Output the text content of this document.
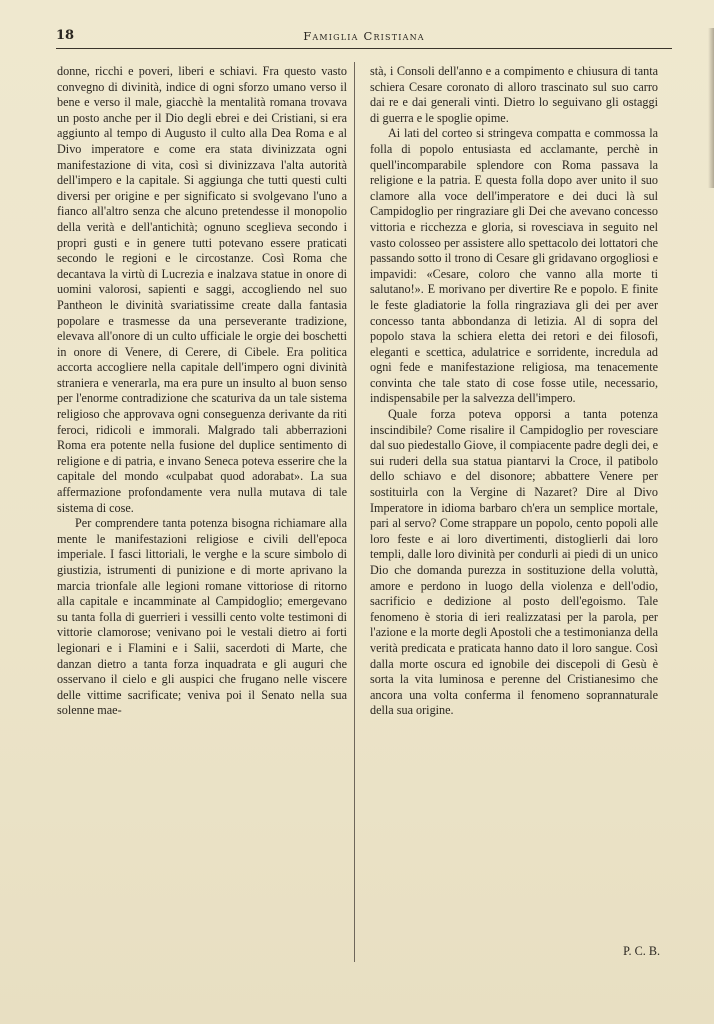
18	Famiglia Cristiana

donne, ricchi e poveri, liberi e schiavi. Fra questo vasto convegno di divinità, indice di ogni sforzo umano verso il bene e verso il male, giacchè la mentalità romana trovava un posto anche per il Dio degli ebrei e dei Cristiani, si era aggiunto al tempo di Augusto il culto alla Dea Roma e al Divo imperatore e come era stata divinizzata ogni manifestazione di vita, così si divinizzava l'alta autorità dell'impero e la capitale. Si aggiunga che tutti questi culti diversi per origine e per significato si svolgevano l'uno a fianco all'altro senza che alcuno pretendesse il monopolio della verità e dell'antichità; ognuno sceglieva secondo i propri gusti e in genere tutti potevano essere praticati secondo le regioni e le circostanze. Così Roma che decantava la virtù di Lucrezia e inalzava statue in onore di uomini valorosi, sapienti e saggi, accogliendo nel suo Pantheon le divinità svariatissime create dalla fantasia popolare e trasmesse da una perseverante tradizione, elevava all'onore di un culto ufficiale le orgie dei boschetti in onore di Venere, di Cerere, di Cibele. Era politica accorta accogliere nella capitale dell'impero ogni divinità straniera e venerarla, ma era pure un insulto al buon senso per l'enorme contradizione che scaturiva da un tale sistema religioso che approvava ogni conseguenza derivante da riti feroci, ridicoli e immorali. Malgrado tali abberrazioni Roma era potente nella fusione del duplice sentimento di religione e di patria, e invano Seneca poteva esserire che la capitale del mondo «culpabat quod adorabat». La sua affermazione profondamente vera nulla mutava di tale sistema di cose.

Per comprendere tanta potenza bisogna richiamare alla mente le manifestazioni religiose e civili dell'epoca imperiale. I fasci littoriali, le verghe e la scure simbolo di giustizia, istrumenti di punizione e di morte aprivano la marcia trionfale alle legioni romane vittoriose di ritorno alla capitale e incamminate al Campidoglio; emergevano su tanta folla di guerrieri i vessilli cento volte testimoni di vittorie clamorose; venivano poi le vestali dietro ai forti legionari e i Flamini e i Salii, sacerdoti di Marte, che danzan dietro a tanta forza inquadrata e gli auguri che osservano il cielo e gli auspici che frugano nelle viscere delle vittime sacrificate; veniva poi il Senato nella sua solenne mae-

stà, i Consoli dell'anno e a compimento e chiusura di tanta schiera Cesare coronato di alloro trascinato sul suo carro dai re e dai generali vinti. Dietro lo seguivano gli ostaggi di guerra e le spoglie opime.

Ai lati del corteo si stringeva compatta e commossa la folla di popolo entusiasta ed acclamante, perchè in quell'incomparabile splendore con Roma passava la religione e la patria. E questa folla dopo aver unito il suo clamore alla voce dell'imperatore e dei duci là sul Campidoglio per ringraziare gli Dei che avevano concesso vittoria e ricchezza e gloria, si rovesciava in seguito nel vasto colosseo per assistere allo spettacolo dei lottatori che passando sotto il trono di Cesare gli gridavano orgogliosi e impavidi: «Cesare, coloro che vanno alla morte ti salutano!». E morivano per divertire Re e popolo. E finite le feste gladiatorie la folla ringraziava gli dei per aver concesso tanta abbondanza di letizia. Al di sopra del popolo stava la schiera eletta dei retori e dei filosofi, eleganti e scettica, adulatrice e sorridente, incredula ad ogni fede e manifestazione religiosa, ma tenacemente convinta che tale stato di cose fosse utile, necessario, indispensabile per la salvezza dell'impero.

Quale forza poteva opporsi a tanta potenza inscindibile? Come risalire il Campidoglio per rovesciare dal suo piedestallo Giove, il compiacente padre degli dei, e sui ruderi della sua statua piantarvi la Croce, il patibolo dello schiavo e del disonore; abbattere Venere per sostituirla con la Vergine di Nazaret? Dire al Divo Imperatore in idioma barbaro ch'era un semplice mortale, pari al servo? Come strappare un popolo, cento popoli alle loro feste e ai loro divertimenti, distoglierli dai loro templi, dalle loro divinità per condurli ai piedi di un unico Dio che domanda purezza in sostituzione della voluttà, amore e perdono in luogo della violenza e dell'odio, sacrificio e dedizione al posto dell'egoismo. Tale fenomeno è storia di ieri realizzatasi per la parola, per l'azione e la morte degli Apostoli che a testimonianza della verità predicata e praticata hanno dato il loro sangue. Così dalla morte oscura ed ignobile dei discepoli di Gesù è sorta la vita luminosa e perenne del Cristianesimo che ancora una volta conferma il fenomeno soprannaturale della sua origine.

P. C. B.
